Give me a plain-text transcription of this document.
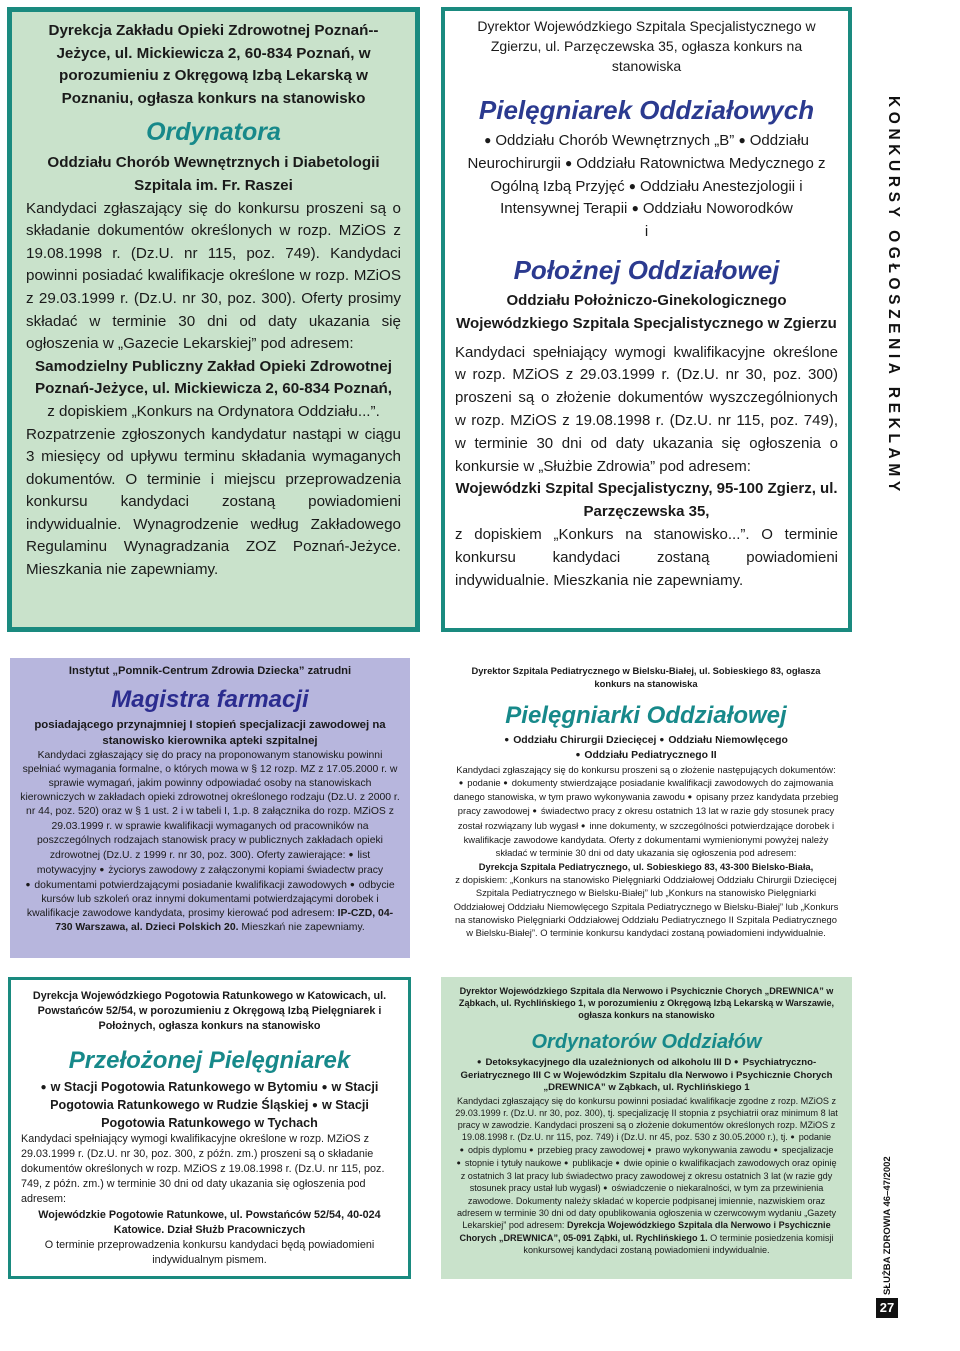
Dyrekcja Zakładu Opieki Zdrowotnej Poznań--Jeżyce, ul. Mickiewicza 2, 60-834 Poznań, w porozumieniu z Okręgową Izbą Lekarską w Poznaniu, ogłasza konkurs na stanowisko

Ordynatora

Oddziału Chorób Wewnętrznych i Diabetologii Szpitala im. Fr. Raszei

Kandydaci zgłaszający się do konkursu proszeni są o składanie dokumentów określonych w rozp. MZiOS z 19.08.1998 r. (Dz.U. nr 115, poz. 749). Kandydaci powinni posiadać kwalifikacje określone w rozp. MZiOS z 29.03.1999 r. (Dz.U. nr 30, poz. 300). Oferty prosimy składać w terminie 30 dni od daty ukazania się ogłoszenia w „Gazecie Lekarskiej” pod adresem:

Samodzielny Publiczny Zakład Opieki Zdrowotnej Poznań-Jeżyce, ul. Mickiewicza 2, 60-834 Poznań,

z dopiskiem „Konkurs na Ordynatora Oddziału...”.

Rozpatrzenie zgłoszonych kandydatur nastąpi w ciągu 3 miesięcy od upływu terminu składania wymaganych dokumentów. O terminie i miejscu przeprowadzenia konkursu kandydaci zostaną powiadomieni indywidualnie. Wynagrodzenie według Zakładowego Regulaminu Wynagradzania ZOZ Poznań-Jeżyce. Mieszkania nie zapewniamy.

Dyrektor Wojewódzkiego Szpitala Specjalistycznego w Zgierzu, ul. Parzęczewska 35, ogłasza konkurs na stanowiska

Pielęgniarek Oddziałowych

● Oddziału Chorób Wewnętrznych „B” ● Oddziału Neurochirurgii ● Oddziału Ratownictwa Medycznego z Ogólną Izbą Przyjęć ● Oddziału Anestezjologii i Intensywnej Terapii ● Oddziału Noworodków

i

Położnej Oddziałowej

Oddziału Położniczo-Ginekologicznego Wojewódzkiego Szpitala Specjalistycznego w Zgierzu

Kandydaci spełniający wymogi kwalifikacyjne określone w rozp. MZiOS z 29.03.1999 r. (Dz.U. nr 30, poz. 300) proszeni są o złożenie dokumentów wyszczególnionych w rozp. MZiOS z 19.08.1998 r. (Dz.U. nr 115, poz. 749), w terminie 30 dni od daty ukazania się ogłoszenia o konkursie w „Służbie Zdrowia” pod adresem:

Wojewódzki Szpital Specjalistyczny, 95-100 Zgierz, ul. Parzęczewska 35,

z dopiskiem „Konkurs na stanowisko...”. O terminie konkursu kandydaci zostaną powiadomieni indywidualnie. Mieszkania nie zapewniamy.

KONKURSY OGŁOSZENIA REKLAMY
SŁUŻBA ZDROWIA 46–47/2002
27

Instytut „Pomnik-Centrum Zdrowia Dziecka” zatrudni

Magistra farmacji

posiadającego przynajmniej I stopień specjalizacji zawodowej na stanowisko kierownika apteki szpitalnej

Kandydaci zgłaszający się do pracy na proponowanym stanowisku powinni spełniać wymagania formalne, o których mowa w § 12 rozp. MZ z 17.05.2000 r. w sprawie wymagań, jakim powinny odpowiadać osoby na stanowiskach kierowniczych w zakładach opieki zdrowotnej określonego rodzaju (Dz.U. z 2000 r. nr 44, poz. 520) oraz w § 1 ust. 2 i w tabeli I, 1.p. 8 załącznika do rozp. MZiOS z 29.03.1999 r. w sprawie kwalifikacji wymaganych od pracowników na poszczególnych rodzajach stanowisk pracy w publicznych zakładach opieki zdrowotnej (Dz.U. z 1999 r. nr 30, poz. 300). Oferty zawierające: ● list motywacyjny ● życiorys zawodowy z załączonymi kopiami świadectw pracy ● dokumentami potwierdzającymi posiadanie kwalifikacji zawodowych ● odbycie kursów lub szkoleń oraz innymi dokumentami potwierdzającymi dorobek i kwalifikacje zawodowe kandydata, prosimy kierować pod adresem: IP-CZD, 04-730 Warszawa, al. Dzieci Polskich 20. Mieszkań nie zapewniamy.

Dyrektor Szpitala Pediatrycznego w Bielsku-Białej, ul. Sobieskiego 83, ogłasza konkurs na stanowiska

Pielęgniarki Oddziałowej

● Oddziału Chirurgii Dziecięcej ● Oddziału Niemowlęcego
● Oddziału Pediatrycznego II

Kandydaci zgłaszający się do konkursu proszeni są o złożenie następujących dokumentów: ● podanie ● dokumenty stwierdzające posiadanie kwalifikacji zawodowych do zajmowania danego stanowiska, w tym prawo wykonywania zawodu ● opisany przez kandydata przebieg pracy zawodowej ● świadectwo pracy z okresu ostatnich 13 lat w razie gdy stosunek pracy został rozwiązany lub wygasł ● inne dokumenty, w szczególności potwierdzające dorobek i kwalifikacje zawodowe kandydata. Oferty z dokumentami wymienionymi powyżej należy składać w terminie 30 dni od daty ukazania się ogłoszenia pod adresem:

Dyrekcja Szpitala Pediatrycznego, ul. Sobieskiego 83, 43-300 Bielsko-Biała,

z dopiskiem: „Konkurs na stanowisko Pielęgniarki Oddziałowej Oddziału Chirurgii Dziecięcej Szpitala Pediatrycznego w Bielsku-Białej” lub „Konkurs na stanowisko Pielęgniarki Oddziałowej Oddziału Niemowlęcego Szpitala Pediatrycznego w Bielsku-Białej” lub „Konkurs na stanowisko Pielęgniarki Oddziałowej Oddziału Pediatrycznego II Szpitala Pediatrycznego w Bielsku-Białej”. O terminie konkursu kandydaci zostaną powiadomieni indywidualnie.

Dyrekcja Wojewódzkiego Pogotowia Ratunkowego w Katowicach, ul. Powstańców 52/54, w porozumieniu z Okręgową Izbą Pielęgniarek i Położnych, ogłasza konkurs na stanowisko

Przełożonej Pielęgniarek

● w Stacji Pogotowia Ratunkowego w Bytomiu ● w Stacji Pogotowia Ratunkowego w Rudzie Śląskiej ● w Stacji Pogotowia Ratunkowego w Tychach

Kandydaci spełniający wymogi kwalifikacyjne określone w rozp. MZiOS z 29.03.1999 r. (Dz.U. nr 30, poz. 300, z późn. zm.) proszeni są o składanie dokumentów określonych w rozp. MZiOS z 19.08.1998 r. (Dz.U. nr 115, poz. 749, z późn. zm.) w terminie 30 dni od daty ukazania się ogłoszenia pod adresem:

Wojewódzkie Pogotowie Ratunkowe, ul. Powstańców 52/54, 40-024 Katowice. Dział Służb Pracowniczych

O terminie przeprowadzenia konkursu kandydaci będą powiadomieni indywidualnym pismem.

Dyrektor Wojewódzkiego Szpitala dla Nerwowo i Psychicznie Chorych „DREWNICA” w Ząbkach, ul. Rychlińskiego 1, w porozumieniu z Okręgową Izbą Lekarską w Warszawie, ogłasza konkurs na stanowisko

Ordynatorów Oddziałów

● Detoksykacyjnego dla uzależnionych od alkoholu III D ● Psychiatryczno-Geriatrycznego III C w Wojewódzkim Szpitalu dla Nerwowo i Psychicznie Chorych „DREWNICA” w Ząbkach, ul. Rychlińskiego 1

Kandydaci zgłaszający się do konkursu powinni posiadać kwalifikacje zgodne z rozp. MZiOS z 29.03.1999 r. (Dz.U. nr 30, poz. 300), tj. specjalizację II stopnia z psychiatrii oraz minimum 8 lat pracy w zawodzie. Kandydaci proszeni są o złożenie dokumentów określonych rozp. MZiOS z 19.08.1998 r. (Dz.U. nr 115, poz. 749) i (Dz.U. nr 45, poz. 530 z 30.05.2000 r.), tj. ● podanie ● odpis dyplomu ● przebieg pracy zawodowej ● prawo wykonywania zawodu ● specjalizacje ● stopnie i tytuły naukowe ● publikacje ● dwie opinie o kwalifikacjach zawodowych oraz opinię z ostatnich 3 lat pracy lub świadectwo pracy zawodowej z okresu ostatnich 3 lat (w razie gdy stosunek pracy ustał lub wygasł) ● oświadczenie o niekaralności, w tym za przewinienia zawodowe. Dokumenty należy składać w kopercie podpisanej imiennie, nazwiskiem oraz adresem w terminie 30 dni od daty opublikowania ogłoszenia w czerwcowym wydaniu „Gazety Lekarskiej” pod adresem: Dyrekcja Wojewódzkiego Szpitala dla Nerwowo i Psychicznie Chorych „DREWNICA”, 05-091 Ząbki, ul. Rychlińskiego 1. O terminie posiedzenia komisji konkursowej kandydaci zostaną powiadomieni indywidualnie.
